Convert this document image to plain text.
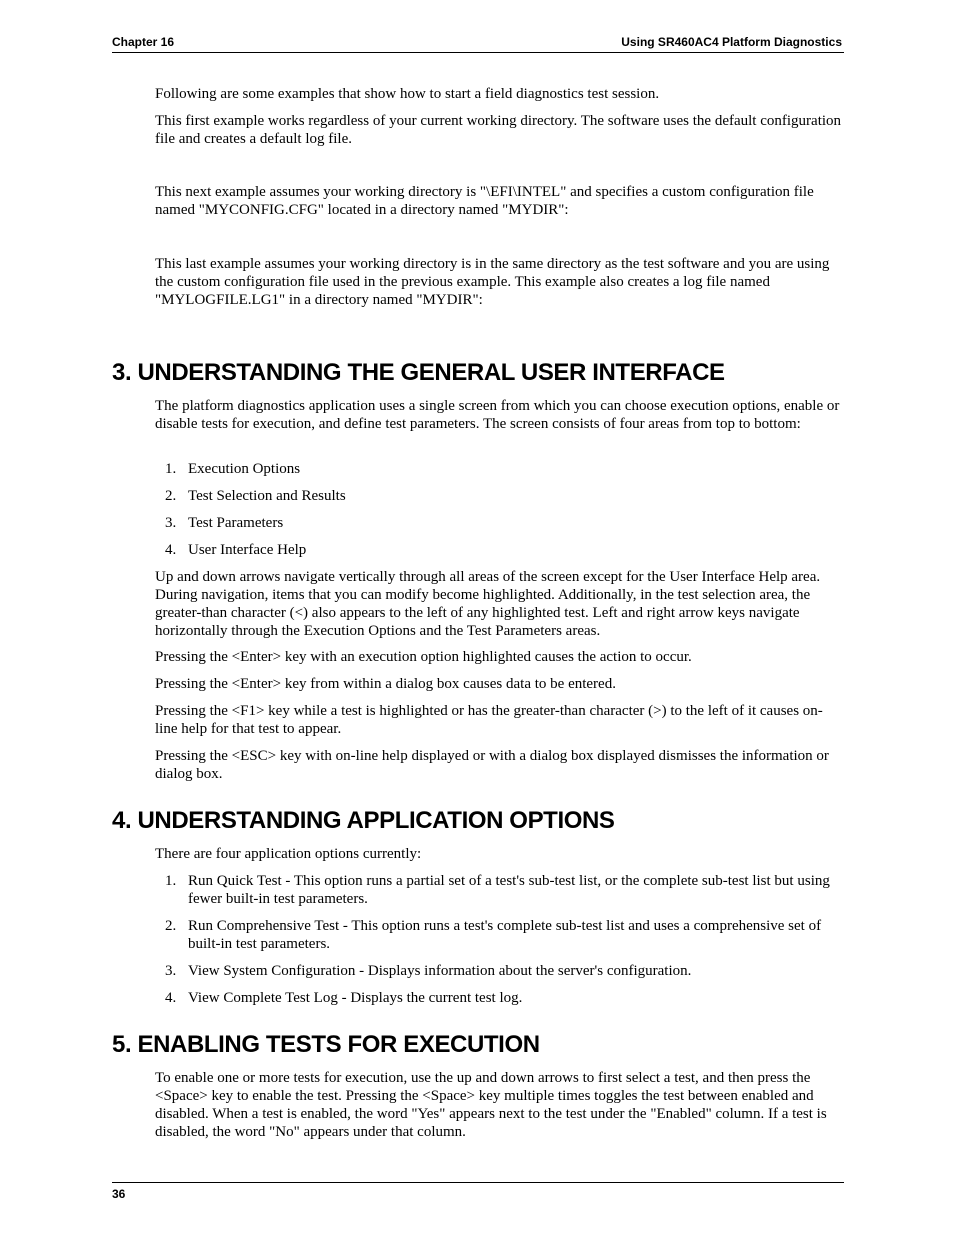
Chapter 16	Using SR460AC4 Platform Diagnostics
Following are some examples that show how to start a field diagnostics test session.
This first example works regardless of your current working directory. The software uses the default configuration file and creates a default log file.
This next example assumes your working directory is "\EFI\INTEL" and specifies a custom configuration file named "MYCONFIG.CFG" located in a directory named "MYDIR":
This last example assumes your working directory is in the same directory as the test software and you are using the custom configuration file used in the previous example. This example also creates a log file named "MYLOGFILE.LG1" in a directory named "MYDIR":
3. UNDERSTANDING THE GENERAL USER INTERFACE
The platform diagnostics application uses a single screen from which you can choose execution options, enable or disable tests for execution, and define test parameters. The screen consists of four areas from top to bottom:
1. Execution Options
2. Test Selection and Results
3. Test Parameters
4. User Interface Help
Up and down arrows navigate vertically through all areas of the screen except for the User Interface Help area. During navigation, items that you can modify become highlighted. Additionally, in the test selection area, the greater-than character (<) also appears to the left of any highlighted test. Left and right arrow keys navigate horizontally through the Execution Options and the Test Parameters areas.
Pressing the <Enter> key with an execution option highlighted causes the action to occur.
Pressing the <Enter> key from within a dialog box causes data to be entered.
Pressing the <F1> key while a test is highlighted or has the greater-than character (>) to the left of it causes on-line help for that test to appear.
Pressing the <ESC> key with on-line help displayed or with a dialog box displayed dismisses the information or dialog box.
4. UNDERSTANDING APPLICATION OPTIONS
There are four application options currently:
1. Run Quick Test - This option runs a partial set of a test's sub-test list, or the complete sub-test list but using fewer built-in test parameters.
2. Run Comprehensive Test - This option runs a test's complete sub-test list and uses a comprehensive set of built-in test parameters.
3. View System Configuration - Displays information about the server's configuration.
4. View Complete Test Log - Displays the current test log.
5. ENABLING TESTS FOR EXECUTION
To enable one or more tests for execution, use the up and down arrows to first select a test, and then press the <Space> key to enable the test. Pressing the <Space> key multiple times toggles the test between enabled and disabled. When a test is enabled, the word "Yes" appears next to the test under the "Enabled" column. If a test is disabled, the word "No" appears under that column.
36
